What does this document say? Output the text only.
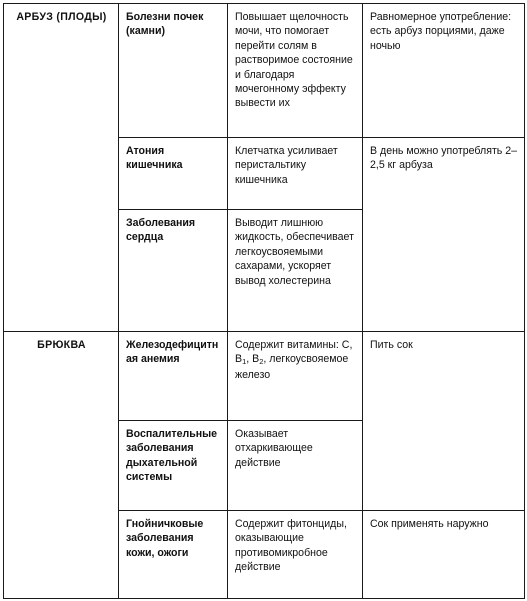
АРБУЗ (ПЛОДЫ)	Болезни почек (камни)	Повышает щелочность мочи, что помогает перейти солям в растворимое состояние и благодаря мочегонному эффекту вывести их	Равномерное употребление: есть арбуз порциями, даже ночью
	Атония кишечника	Клетчатка усиливает перистальтику кишечника	В день можно употреблять 2–2,5 кг арбуза
	Заболевания сердца	Выводит лишнюю жидкость, обеспечивает легкоусвояемыми сахарами, ускоряет вывод холестерина	
БРЮКВА	Железодефицитная анемия	Содержит витамины: С, В1, В2, легкоусвояемое железо	Пить сок
	Воспалительные заболевания дыхательной системы	Оказывает отхаркивающее действие	
	Гнойничковые заболевания кожи, ожоги	Содержит фитонциды, оказывающие противомикробное действие	Сок применять наружно
